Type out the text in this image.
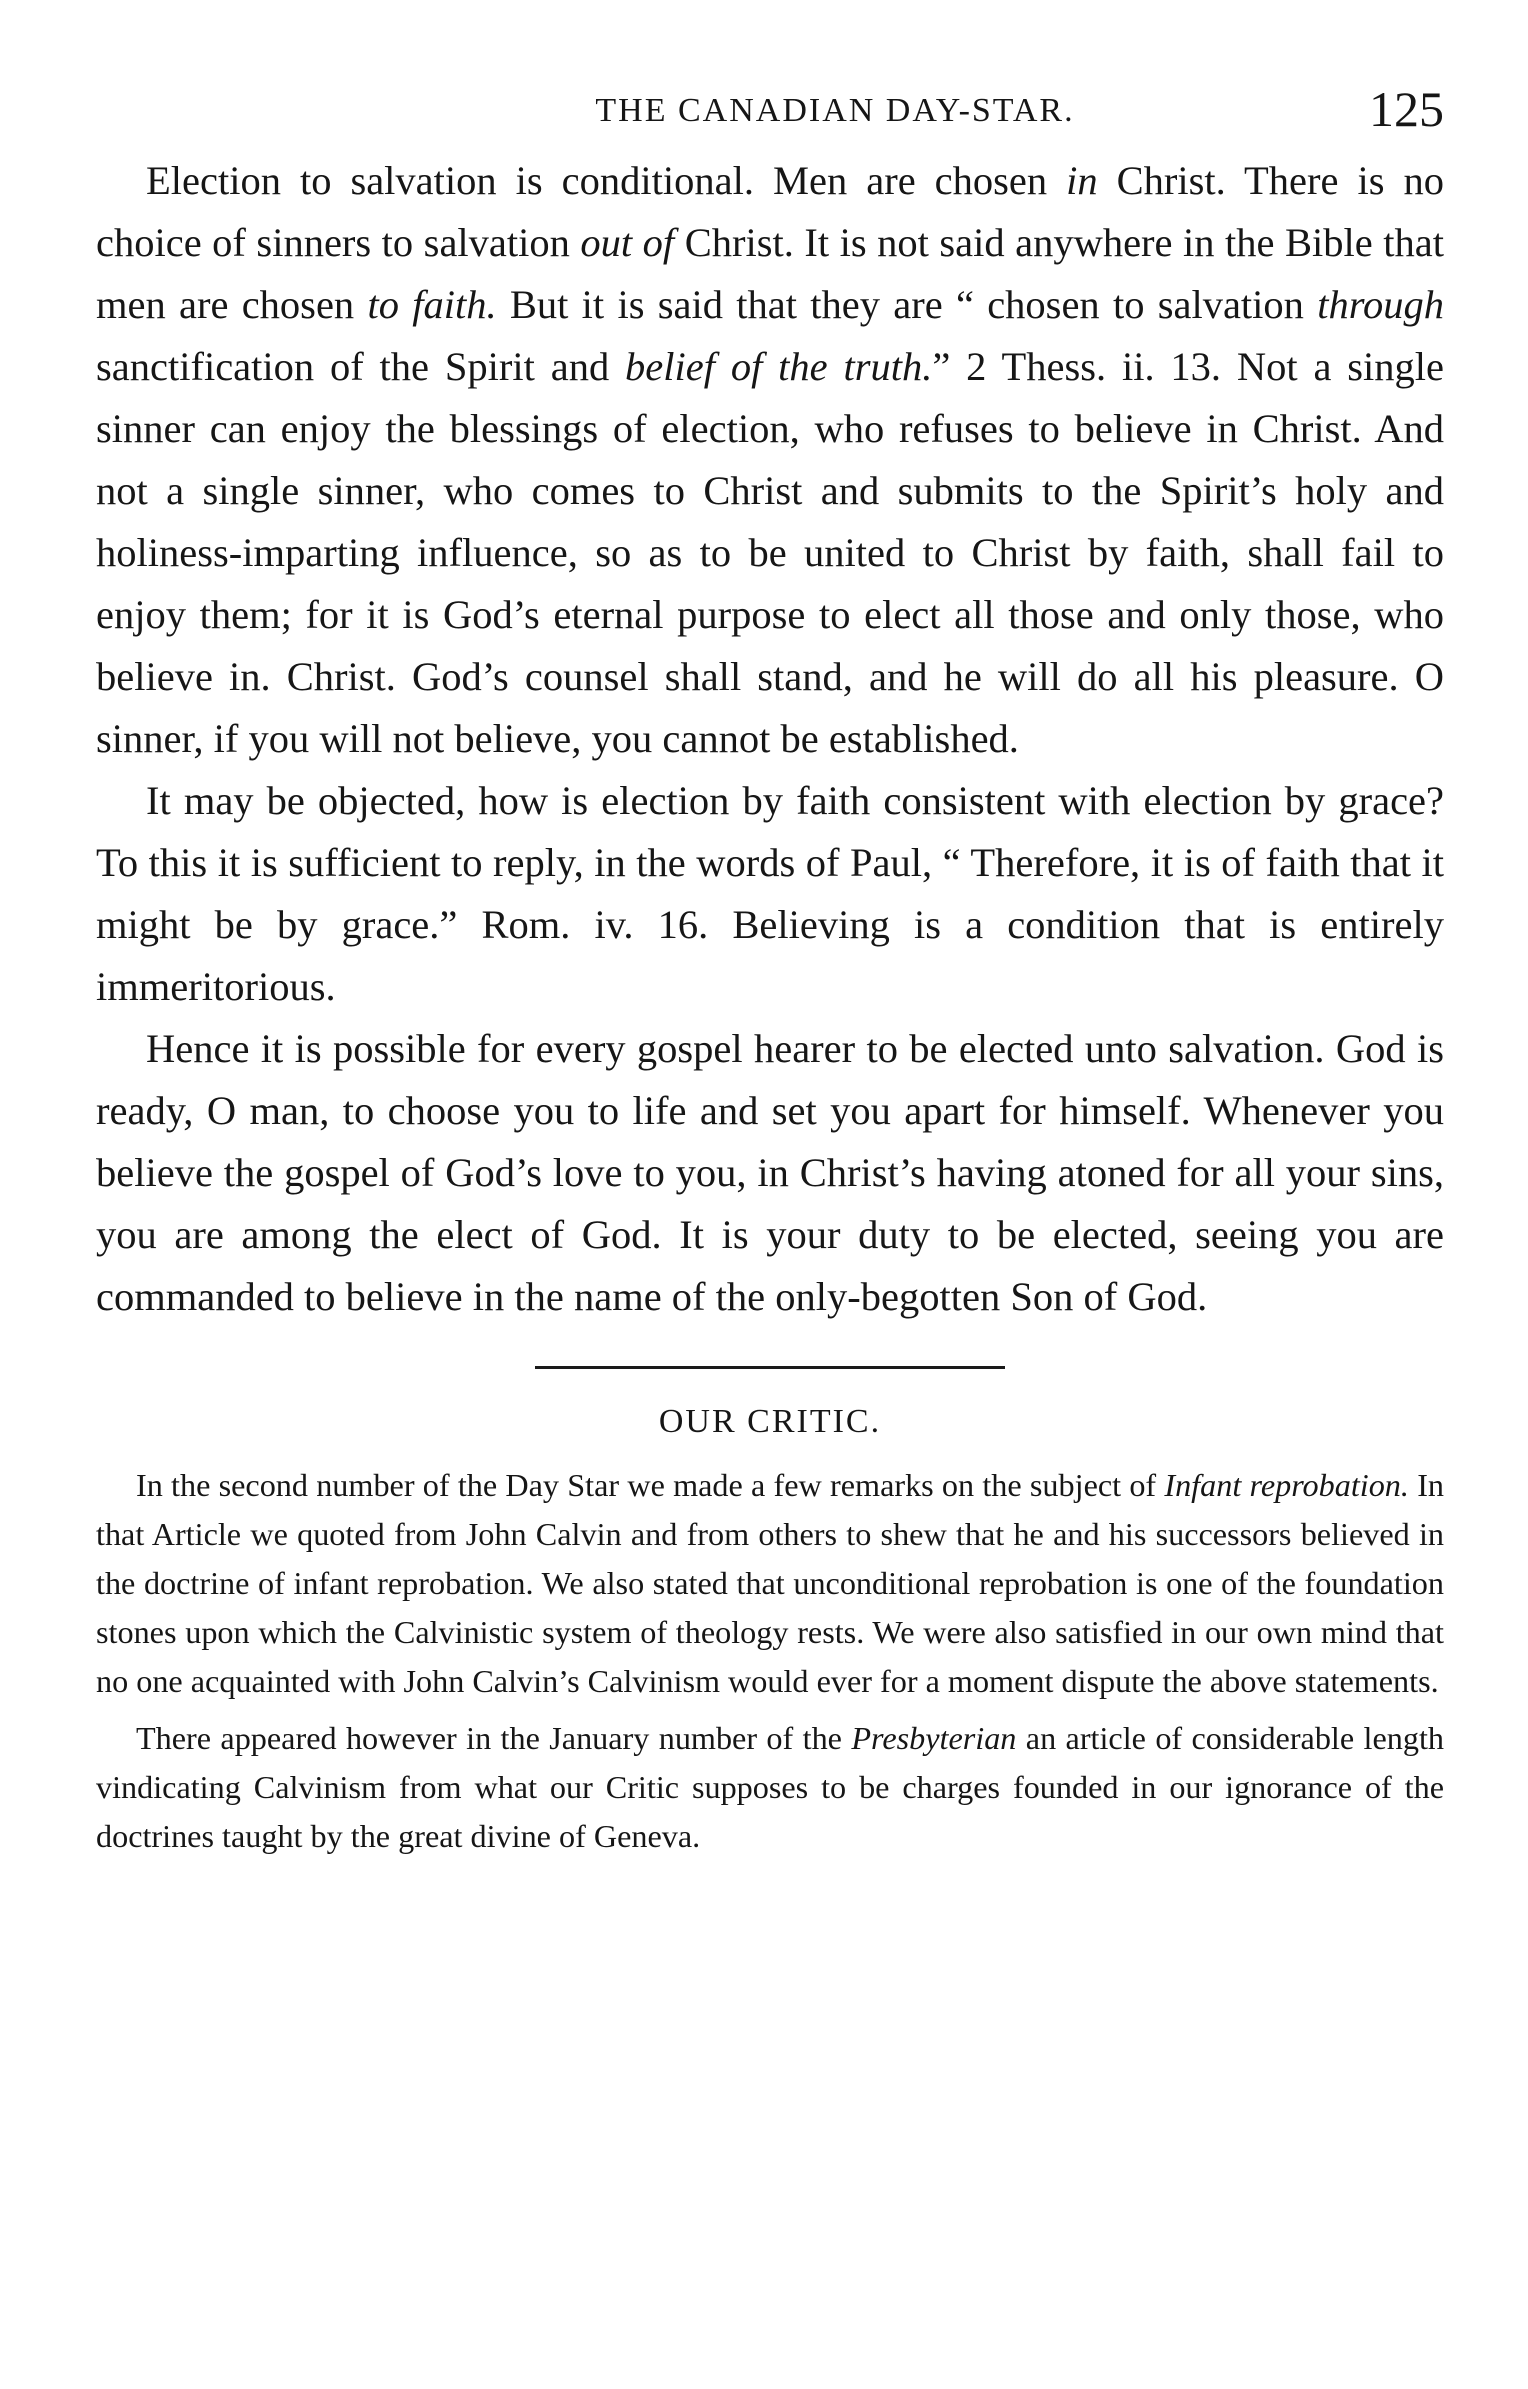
THE CANADIAN DAY-STAR.	125

Election to salvation is conditional. Men are chosen in Christ. There is no choice of sinners to salvation out of Christ. It is not said anywhere in the Bible that men are chosen to faith. But it is said that they are “ chosen to salvation through sanctification of the Spirit and belief of the truth.” 2 Thess. ii. 13. Not a single sinner can enjoy the blessings of election, who refuses to believe in Christ. And not a single sinner, who comes to Christ and submits to the Spirit’s holy and holiness-imparting influence, so as to be united to Christ by faith, shall fail to enjoy them; for it is God’s eternal purpose to elect all those and only those, who believe in. Christ. God’s counsel shall stand, and he will do all his pleasure. O sinner, if you will not believe, you cannot be established.

It may be objected, how is election by faith consistent with election by grace? To this it is sufficient to reply, in the words of Paul, “ Therefore, it is of faith that it might be by grace.” Rom. iv. 16. Believing is a condition that is entirely immeritorious.

Hence it is possible for every gospel hearer to be elected unto salvation. God is ready, O man, to choose you to life and set you apart for himself. Whenever you believe the gospel of God’s love to you, in Christ’s having atoned for all your sins, you are among the elect of God. It is your duty to be elected, seeing you are commanded to believe in the name of the only-begotten Son of God.

OUR CRITIC.

In the second number of the Day Star we made a few remarks on the subject of Infant reprobation. In that Article we quoted from John Calvin and from others to shew that he and his successors believed in the doctrine of infant reprobation. We also stated that unconditional reprobation is one of the foundation stones upon which the Calvinistic system of theology rests. We were also satisfied in our own mind that no one acquainted with John Calvin’s Calvinism would ever for a moment dispute the above statements.

There appeared however in the January number of the Presbyterian an article of considerable length vindicating Calvinism from what our Critic supposes to be charges founded in our ignorance of the doctrines taught by the great divine of Geneva.
